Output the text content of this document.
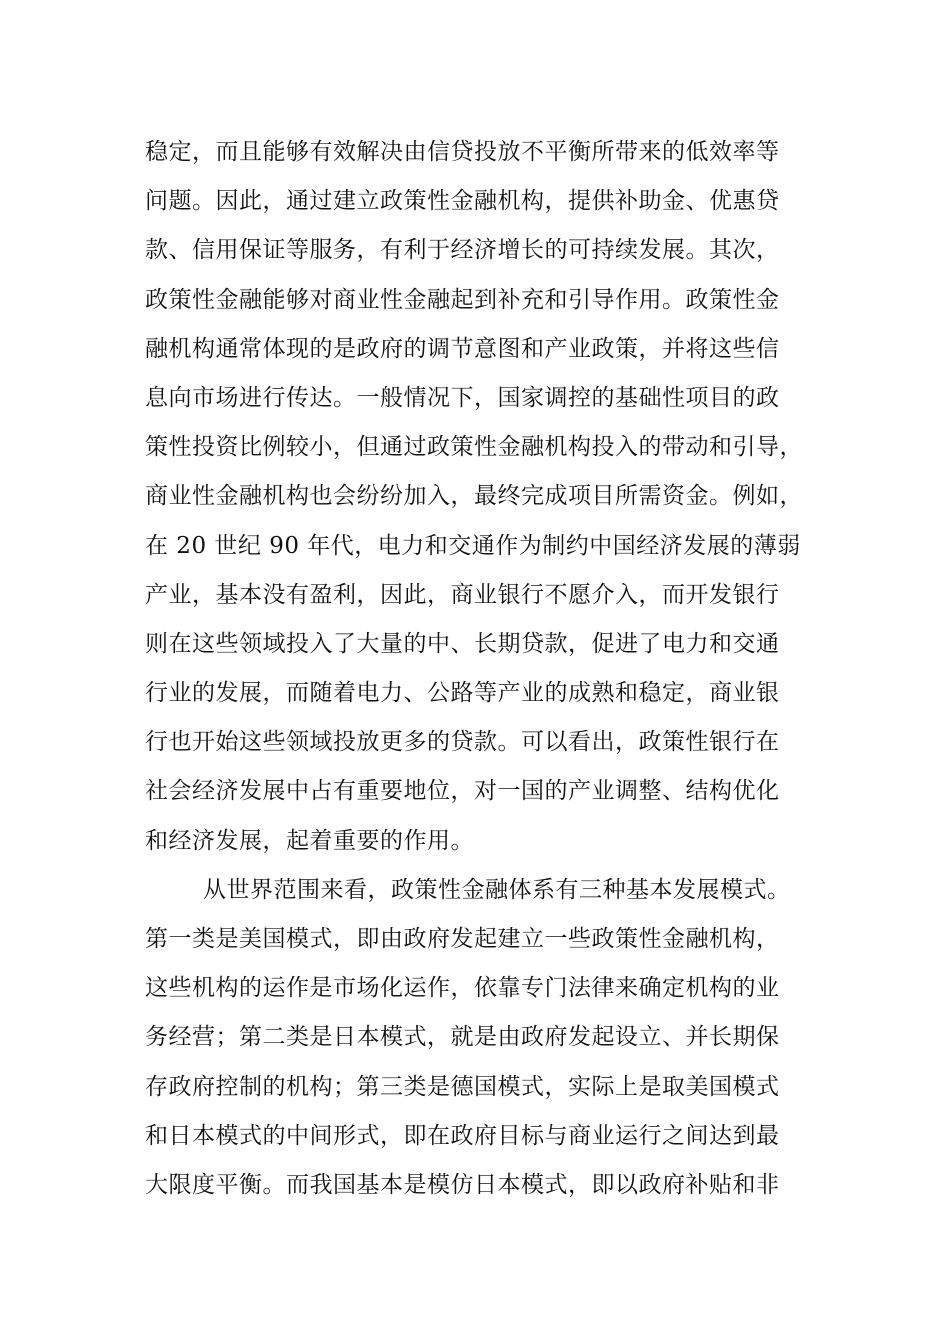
稳定，而且能够有效解决由信贷投放不平衡所带来的低效率等
问题。因此，通过建立政策性金融机构，提供补助金、优惠贷
款、信用保证等服务，有利于经济增长的可持续发展。其次，
政策性金融能够对商业性金融起到补充和引导作用。政策性金
融机构通常体现的是政府的调节意图和产业政策，并将这些信
息向市场进行传达。一般情况下，国家调控的基础性项目的政
策性投资比例较小，但通过政策性金融机构投入的带动和引导，
商业性金融机构也会纷纷加入，最终完成项目所需资金。例如，
在 20 世纪 90 年代，电力和交通作为制约中国经济发展的薄弱
产业，基本没有盈利，因此，商业银行不愿介入，而开发银行
则在这些领域投入了大量的中、长期贷款，促进了电力和交通
行业的发展，而随着电力、公路等产业的成熟和稳定，商业银
行也开始这些领域投放更多的贷款。可以看出，政策性银行在
社会经济发展中占有重要地位，对一国的产业调整、结构优化
和经济发展，起着重要的作用。
从世界范围来看，政策性金融体系有三种基本发展模式。
第一类是美国模式，即由政府发起建立一些政策性金融机构，
这些机构的运作是市场化运作，依靠专门法律来确定机构的业
务经营；第二类是日本模式，就是由政府发起设立、并长期保
存政府控制的机构；第三类是德国模式，实际上是取美国模式
和日本模式的中间形式，即在政府目标与商业运行之间达到最
大限度平衡。而我国基本是模仿日本模式，即以政府补贴和非
